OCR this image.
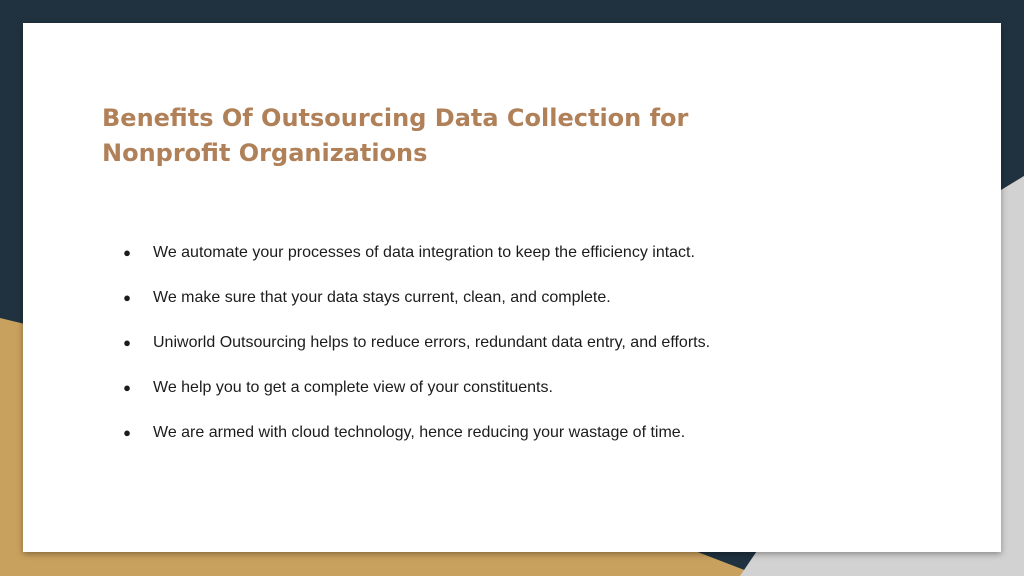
Benefits Of Outsourcing Data Collection for Nonprofit Organizations
●	We automate your processes of data integration to keep the efficiency intact.
●	We make sure that your data stays current, clean, and complete.
●	Uniworld Outsourcing helps to reduce errors, redundant data entry, and efforts.
●	We help you to get a complete view of your constituents.
●	We are armed with cloud technology, hence reducing your wastage of time.
